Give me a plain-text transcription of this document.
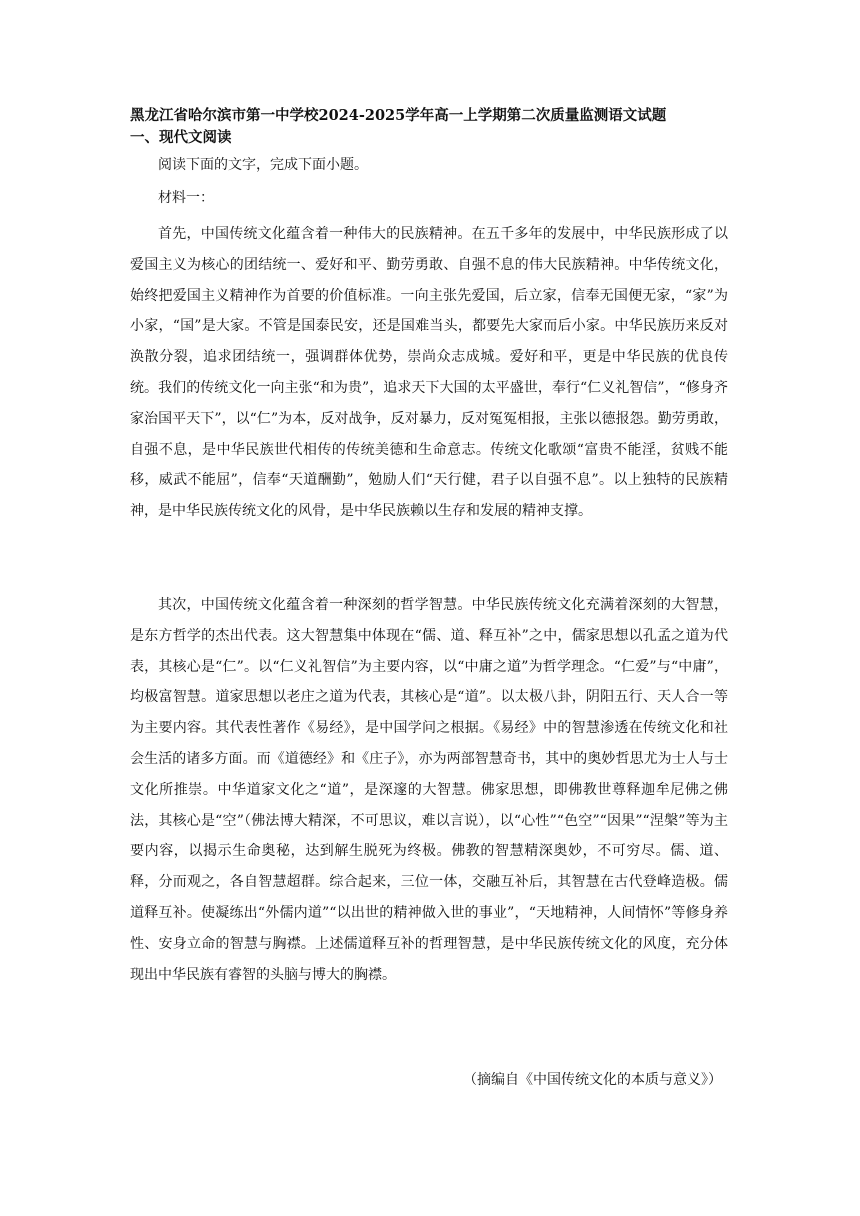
黑龙江省哈尔滨市第一中学校2024-2025学年高一上学期第二次质量监测语文试题
一、现代文阅读
阅读下面的文字，完成下面小题。
材料一：

首先，中国传统文化蕴含着一种伟大的民族精神。在五千多年的发展中，中华民族形成了以爱国主义为核心的团结统一、爱好和平、勤劳勇敢、自强不息的伟大民族精神。中华传统文化，始终把爱国主义精神作为首要的价值标准。一向主张先爱国，后立家，信奉无国便无家，“家”为小家，“国”是大家。不管是国泰民安，还是国难当头，都要先大家而后小家。中华民族历来反对涣散分裂，追求团结统一，强调群体优势，崇尚众志成城。爱好和平，更是中华民族的优良传统。我们的传统文化一向主张“和为贵”，追求天下大国的太平盛世，奉行“仁义礼智信”，“修身齐家治国平天下”，以“仁”为本，反对战争，反对暴力，反对冤冤相报，主张以德报怨。勤劳勇敢，自强不息，是中华民族世代相传的传统美德和生命意志。传统文化歌颂“富贵不能淫，贫贱不能移，威武不能屈”，信奉“天道酬勤”，勉励人们“天行健，君子以自强不息”。以上独特的民族精神，是中华民族传统文化的风骨，是中华民族赖以生存和发展的精神支撑。

其次，中国传统文化蕴含着一种深刻的哲学智慧。中华民族传统文化充满着深刻的大智慧，是东方哲学的杰出代表。这大智慧集中体现在“儒、道、释互补”之中，儒家思想以孔孟之道为代表，其核心是“仁”。以“仁义礼智信”为主要内容，以“中庸之道”为哲学理念。“仁爱”与“中庸”，均极富智慧。道家思想以老庄之道为代表，其核心是“道”。以太极八卦，阴阳五行、天人合一等为主要内容。其代表性著作《易经》，是中国学问之根据。《易经》中的智慧渗透在传统文化和社会生活的诸多方面。而《道德经》和《庄子》，亦为两部智慧奇书，其中的奥妙哲思尤为士人与士文化所推崇。中华道家文化之“道”，是深邃的大智慧。佛家思想，即佛教世尊释迦牟尼佛之佛法，其核心是“空”（佛法博大精深，不可思议，难以言说），以“心性”“色空”“因果”“涅槃”等为主要内容，以揭示生命奥秘，达到解生脱死为终极。佛教的智慧精深奥妙，不可穷尽。儒、道、释，分而观之，各自智慧超群。综合起来，三位一体，交融互补后，其智慧在古代登峰造极。儒道释互补。使凝练出“外儒内道”“以出世的精神做入世的事业”，“天地精神，人间情怀”等修身养性、安身立命的智慧与胸襟。上述儒道释互补的哲理智慧，是中华民族传统文化的风度，充分体现出中华民族有睿智的头脑与博大的胸襟。

（摘编自《中国传统文化的本质与意义》）
